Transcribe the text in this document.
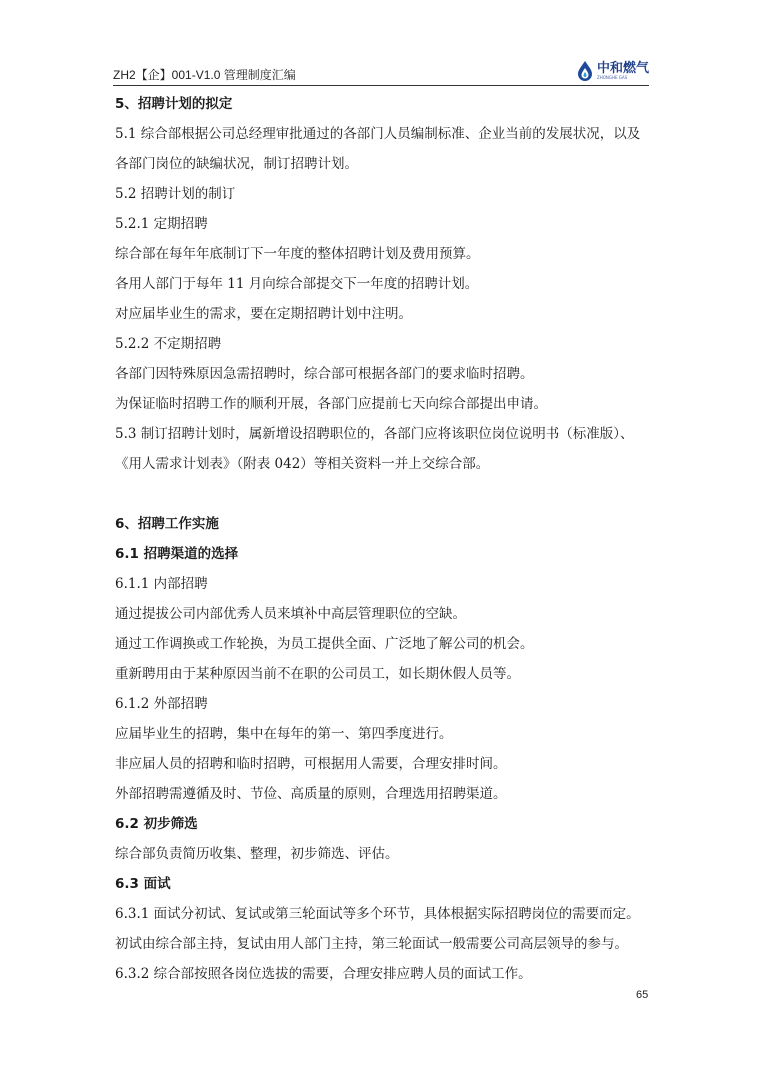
ZH2【企】001-V1.0 管理制度汇编	中和燃气
ZHONGHE GAS
5、招聘计划的拟定
5.1 综合部根据公司总经理审批通过的各部门人员编制标准、企业当前的发展状况，以及
各部门岗位的缺编状况，制订招聘计划。
5.2 招聘计划的制订
5.2.1 定期招聘
综合部在每年年底制订下一年度的整体招聘计划及费用预算。
各用人部门于每年 11 月向综合部提交下一年度的招聘计划。
对应届毕业生的需求，要在定期招聘计划中注明。
5.2.2 不定期招聘
各部门因特殊原因急需招聘时，综合部可根据各部门的要求临时招聘。
为保证临时招聘工作的顺利开展，各部门应提前七天向综合部提出申请。
5.3 制订招聘计划时，属新增设招聘职位的，各部门应将该职位岗位说明书（标准版）、
《用人需求计划表》（附表 042）等相关资料一并上交综合部。
6、招聘工作实施
6.1 招聘渠道的选择
6.1.1 内部招聘
通过提拔公司内部优秀人员来填补中高层管理职位的空缺。
通过工作调换或工作轮换，为员工提供全面、广泛地了解公司的机会。
重新聘用由于某种原因当前不在职的公司员工，如长期休假人员等。
6.1.2 外部招聘
应届毕业生的招聘，集中在每年的第一、第四季度进行。
非应届人员的招聘和临时招聘，可根据用人需要，合理安排时间。
外部招聘需遵循及时、节俭、高质量的原则，合理选用招聘渠道。
6.2 初步筛选
综合部负责简历收集、整理，初步筛选、评估。
6.3 面试
6.3.1 面试分初试、复试或第三轮面试等多个环节，具体根据实际招聘岗位的需要而定。
初试由综合部主持，复试由用人部门主持，第三轮面试一般需要公司高层领导的参与。
6.3.2 综合部按照各岗位选拔的需要，合理安排应聘人员的面试工作。
65
